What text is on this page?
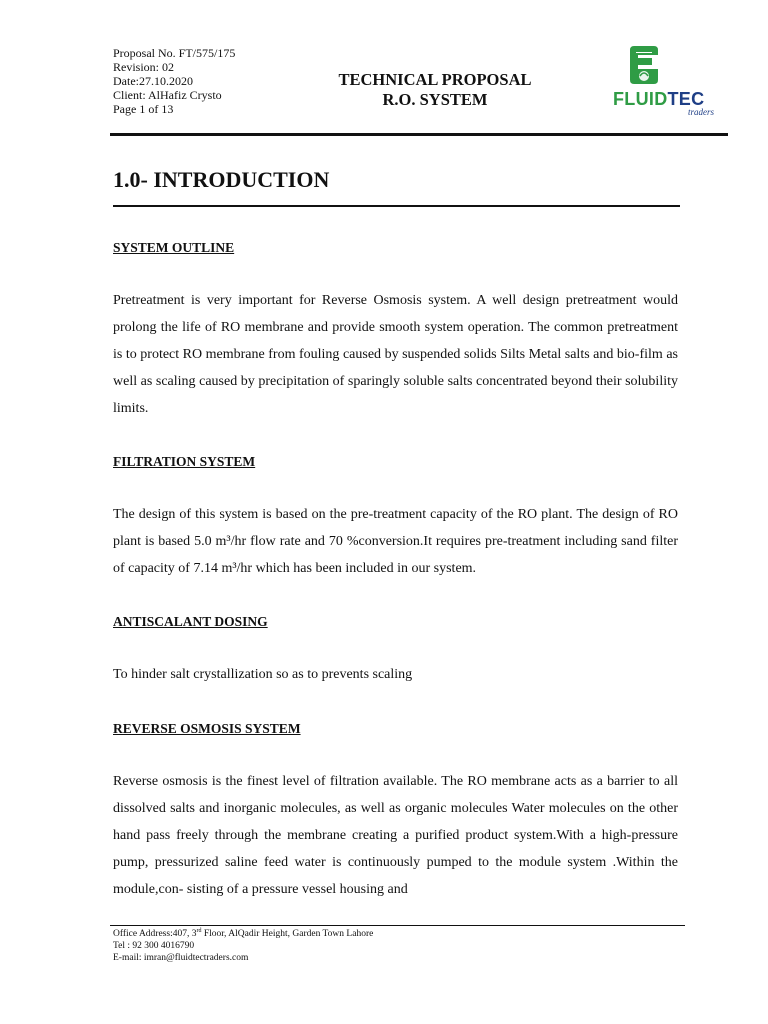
Proposal No. FT/575/175
Revision: 02
Date:27.10.2020
Client: AlHafiz Crysto
Page 1 of 13
TECHNICAL PROPOSAL
R.O. SYSTEM	FLUIDTEC
traders
1.0- INTRODUCTION
SYSTEM OUTLINE
Pretreatment is very important for Reverse Osmosis system. A well design pretreatment would prolong the life of RO membrane and provide smooth system operation. The common pretreatment is to protect RO membrane from fouling caused by suspended solids Silts Metal salts and bio-film as well as scaling caused by precipitation of sparingly soluble salts concentrated beyond their solubility limits.
FILTRATION SYSTEM
The design of this system is based on the pre-treatment capacity of the RO plant. The design of RO plant is based 5.0 m³/hr flow rate and 70 %conversion.It requires pre-treatment including sand filter of capacity of 7.14 m³/hr which has been included in our system.
ANTISCALANT DOSING
To hinder salt crystallization so as to prevents scaling
REVERSE OSMOSIS SYSTEM
Reverse osmosis is the finest level of filtration available. The RO membrane acts as a barrier to all dissolved salts and inorganic molecules, as well as organic molecules Water molecules on the other hand pass freely through the membrane creating a purified product system.With a high-pressure pump, pressurized saline feed water is continuously pumped to the module system .Within the module,con- sisting of a pressure vessel housing and
Office Address:407, 3rd Floor, AlQadir Height, Garden Town Lahore
Tel : 92 300 4016790
E-mail: imran@fluidtectraders.com
